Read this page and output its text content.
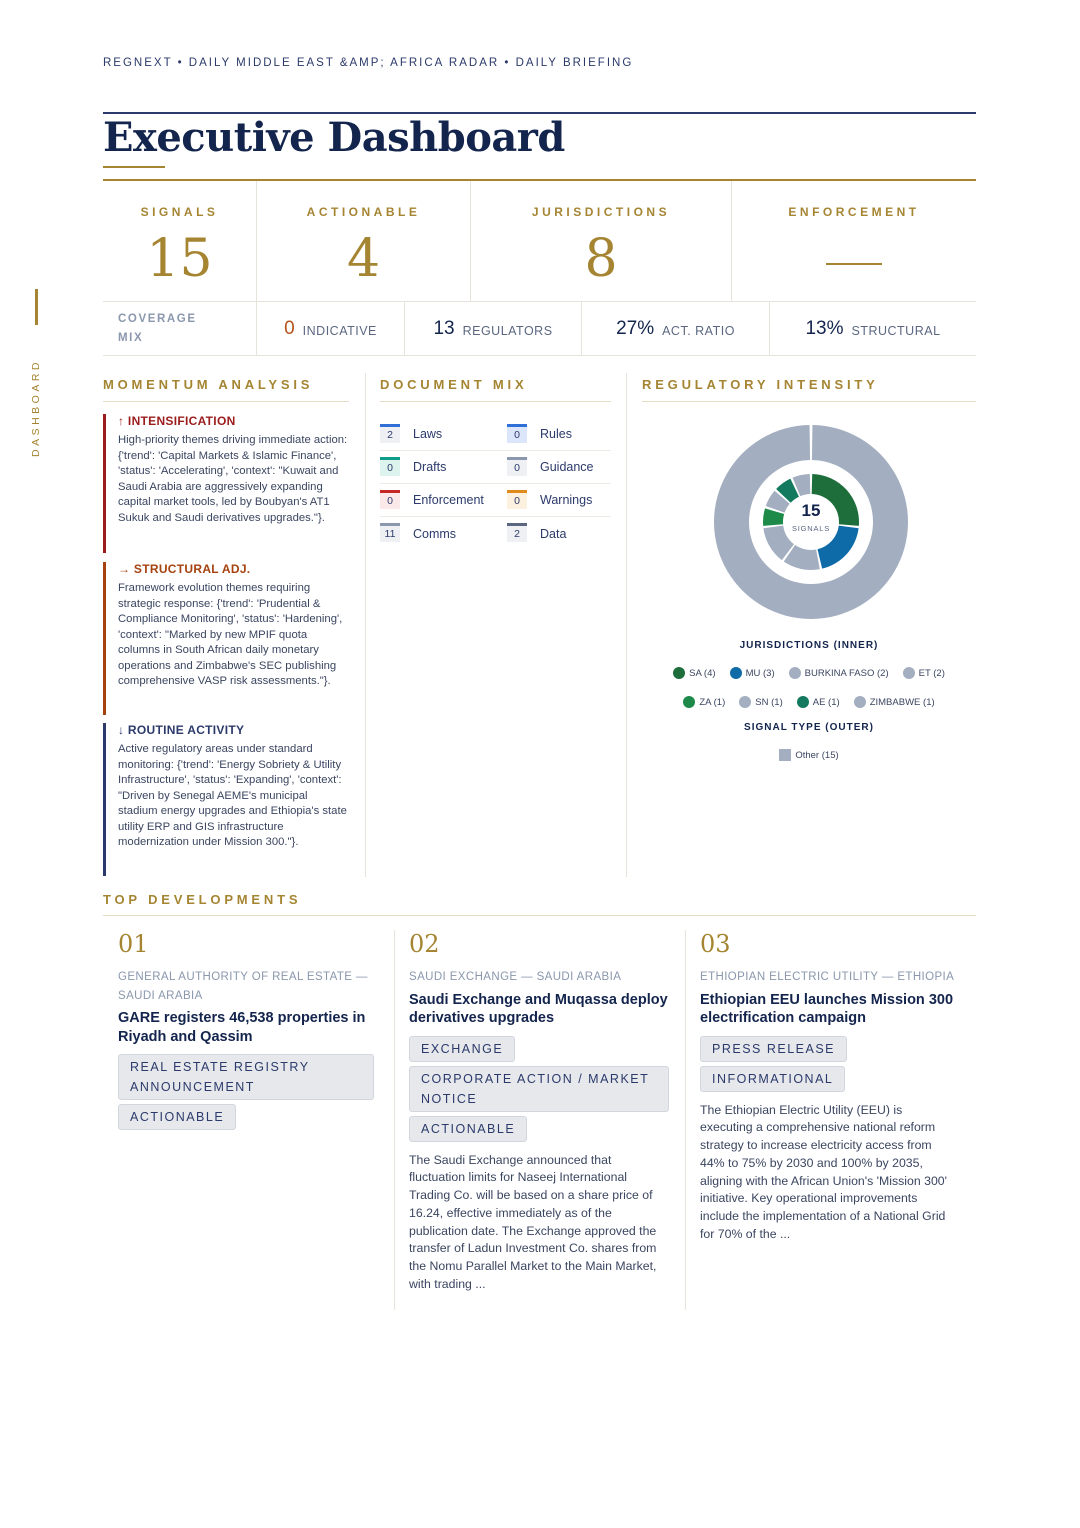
REGNEXT • DAILY MIDDLE EAST &AMP; AFRICA RADAR • DAILY BRIEFING
DASHBOARD
Executive Dashboard
SIGNALS
15
ACTIONABLE
4
JURISDICTIONS
8
ENFORCEMENT
COVERAGE MIX	0 INDICATIVE	13 REGULATORS	27% ACT. RATIO	13% STRUCTURAL
MOMENTUM ANALYSIS	DOCUMENT MIX	REGULATORY INTENSITY
↑ INTENSIFICATION
High-priority themes driving immediate action: {'trend': 'Capital Markets & Islamic Finance', 'status': 'Accelerating', 'context': "Kuwait and Saudi Arabia are aggressively expanding capital market tools, led by Boubyan's AT1 Sukuk and Saudi derivatives upgrades."}.
→ STRUCTURAL ADJ.
Framework evolution themes requiring strategic response: {'trend': 'Prudential & Compliance Monitoring', 'status': 'Hardening', 'context': "Marked by new MPIF quota columns in South African daily monetary operations and Zimbabwe's SEC publishing comprehensive VASP risk assessments."}.
↓ ROUTINE ACTIVITY
Active regulatory areas under standard monitoring: {'trend': 'Energy Sobriety & Utility Infrastructure', 'status': 'Expanding', 'context': "Driven by Senegal AEME's municipal stadium energy upgrades and Ethiopia's state utility ERP and GIS infrastructure modernization under Mission 300."}.
2	Laws	0	Rules
0	Drafts	0	Guidance
0	Enforcement	0	Warnings
11	Comms	2	Data
15
SIGNALS
JURISDICTIONS (INNER)
SA (4)	MU (3)	BURKINA FASO (2)	ET (2)
ZA (1)	SN (1)	AE (1)	ZIMBABWE (1)
SIGNAL TYPE (OUTER)
Other (15)
TOP DEVELOPMENTS
01
GENERAL AUTHORITY OF REAL ESTATE — SAUDI ARABIA
GARE registers 46,538 properties in Riyadh and Qassim
REAL ESTATE REGISTRY ANNOUNCEMENT
ACTIONABLE
02
SAUDI EXCHANGE — SAUDI ARABIA
Saudi Exchange and Muqassa deploy derivatives upgrades
EXCHANGE
CORPORATE ACTION / MARKET NOTICE
ACTIONABLE
The Saudi Exchange announced that fluctuation limits for Naseej International Trading Co. will be based on a share price of 16.24, effective immediately as of the publication date. The Exchange approved the transfer of Ladun Investment Co. shares from the Nomu Parallel Market to the Main Market, with trading ...
03
ETHIOPIAN ELECTRIC UTILITY — ETHIOPIA
Ethiopian EEU launches Mission 300 electrification campaign
PRESS RELEASE
INFORMATIONAL
The Ethiopian Electric Utility (EEU) is executing a comprehensive national reform strategy to increase electricity access from 44% to 75% by 2030 and 100% by 2035, aligning with the African Union's 'Mission 300' initiative. Key operational improvements include the implementation of a National Grid for 70% of the ...
